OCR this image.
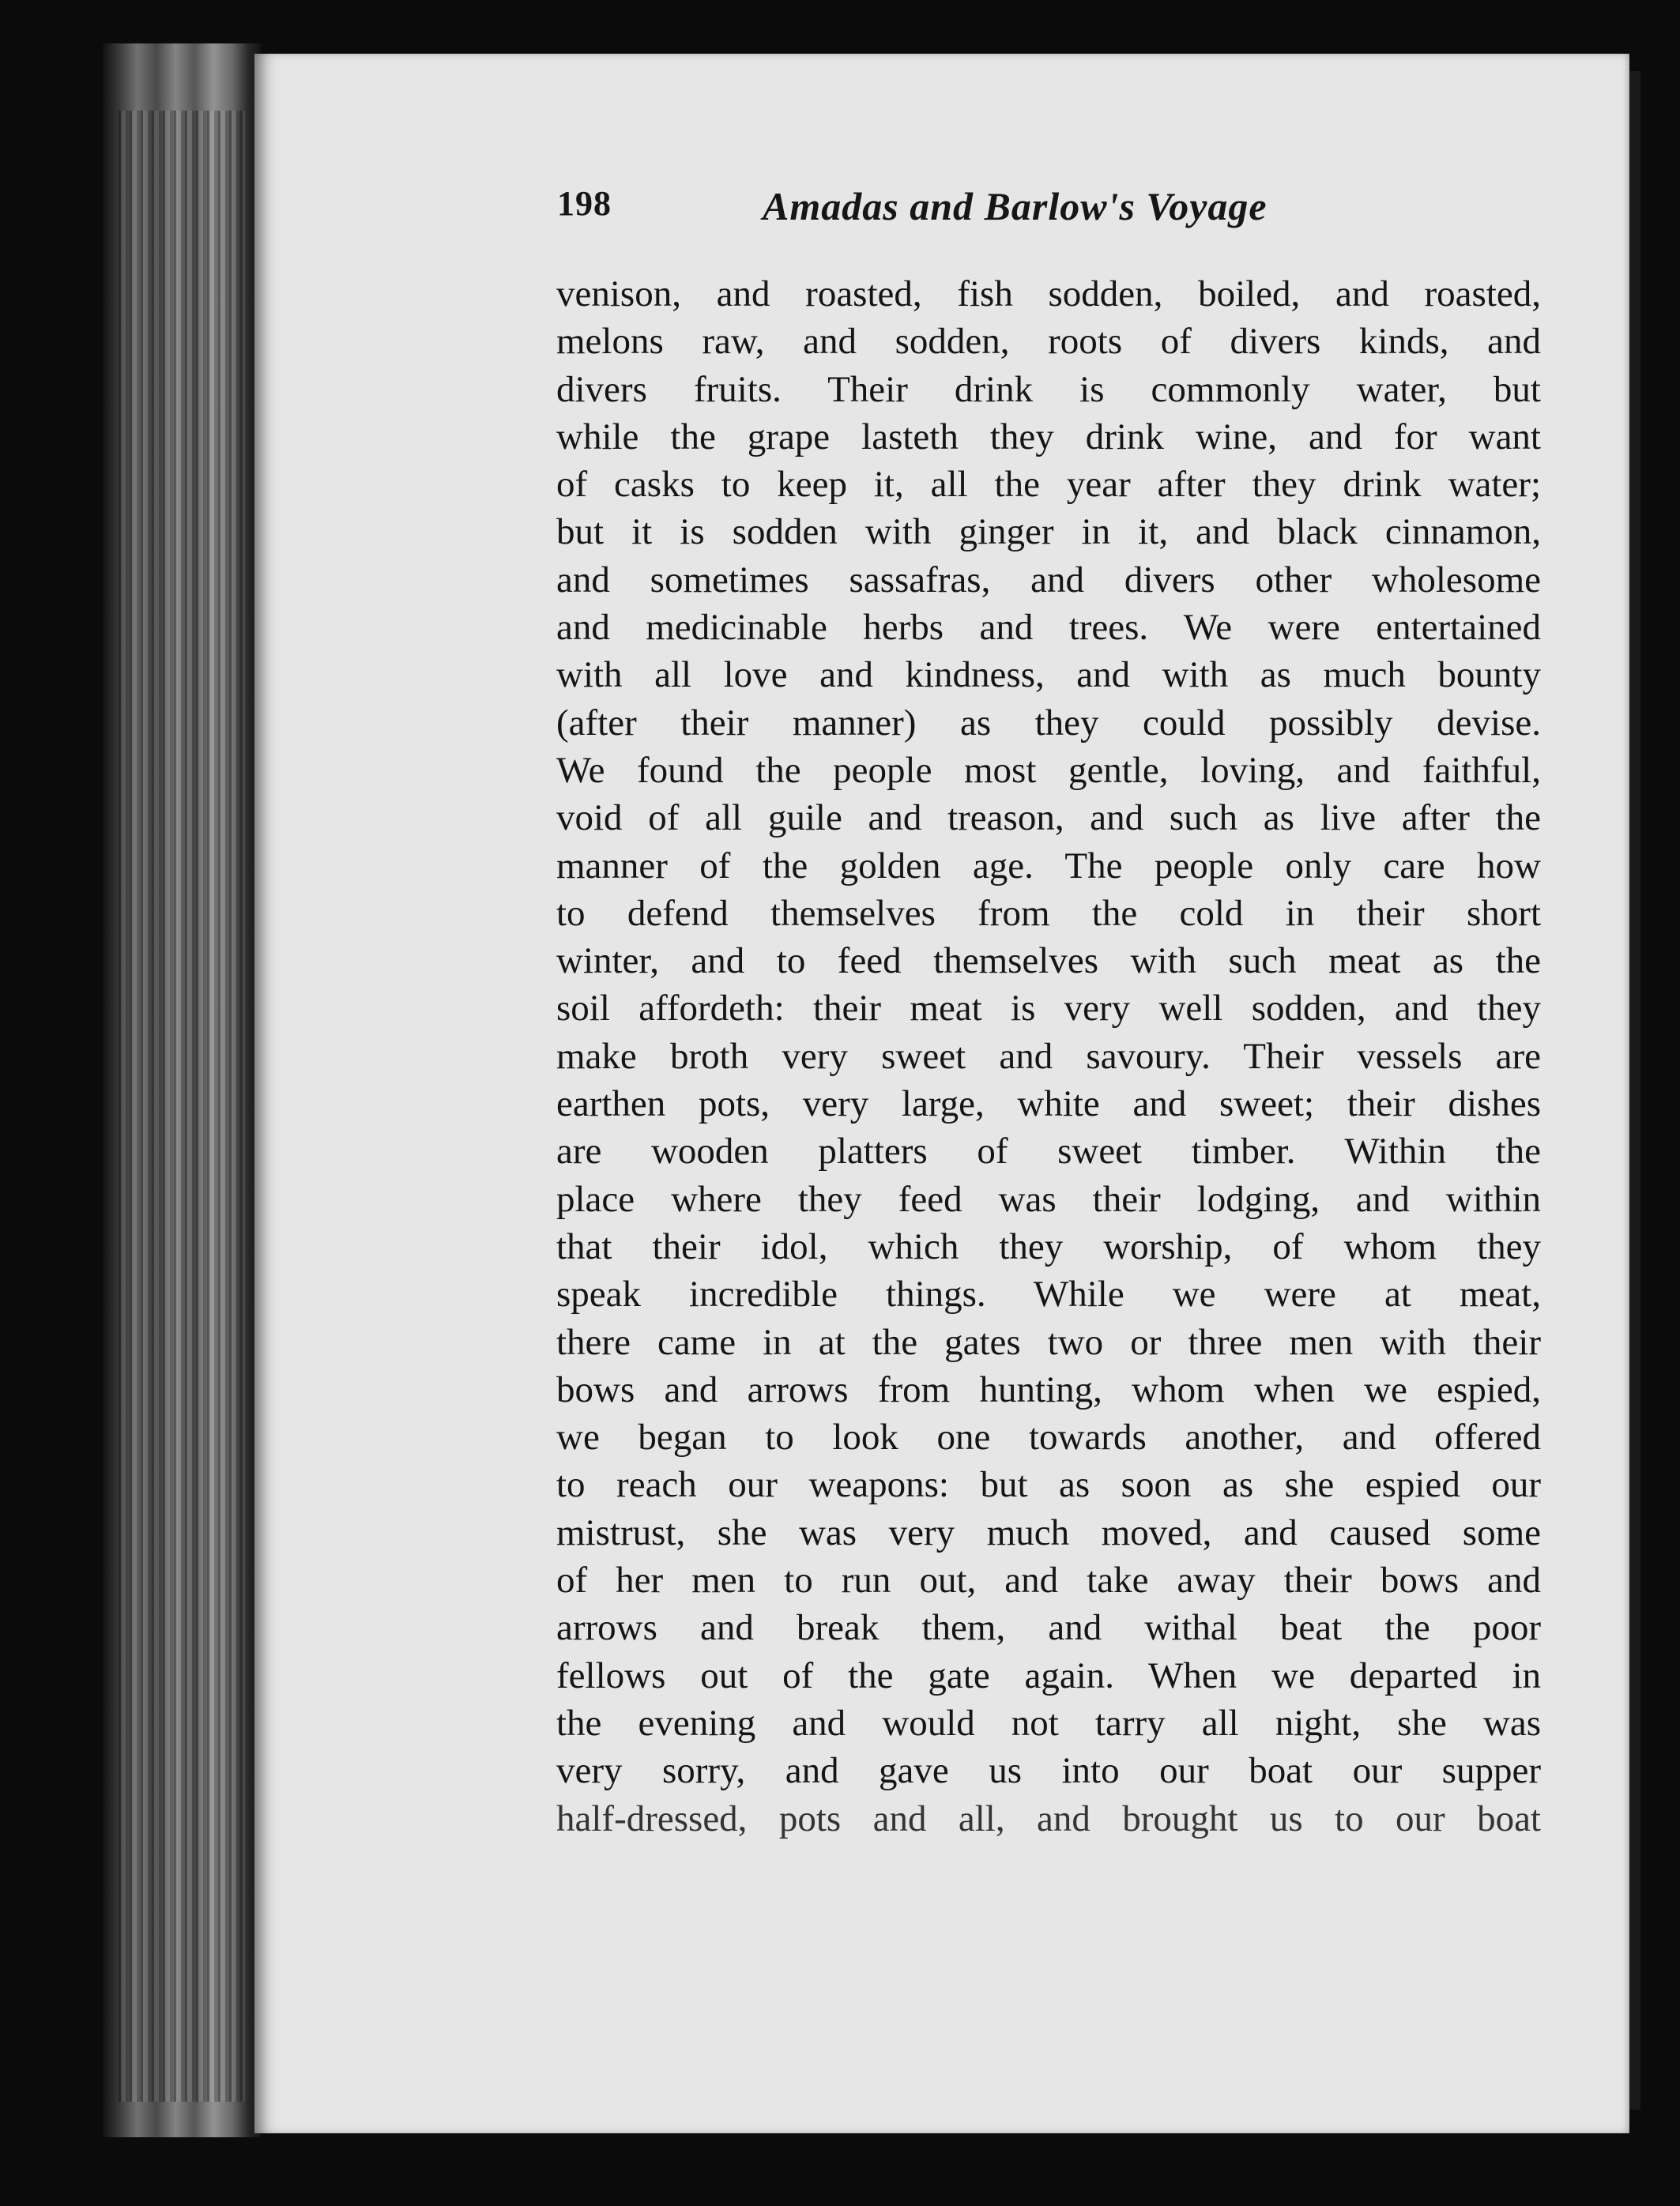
198	Amadas and Barlow's Voyage
venison, and roasted, fish sodden, boiled, and roasted,
melons raw, and sodden, roots of divers kinds, and
divers fruits. Their drink is commonly water, but
while the grape lasteth they drink wine, and for want
of casks to keep it, all the year after they drink water;
but it is sodden with ginger in it, and black cinnamon,
and sometimes sassafras, and divers other wholesome
and medicinable herbs and trees. We were entertained
with all love and kindness, and with as much bounty
(after their manner) as they could possibly devise.
We found the people most gentle, loving, and faithful,
void of all guile and treason, and such as live after the
manner of the golden age. The people only care how
to defend themselves from the cold in their short
winter, and to feed themselves with such meat as the
soil affordeth: their meat is very well sodden, and they
make broth very sweet and savoury. Their vessels are
earthen pots, very large, white and sweet; their dishes
are wooden platters of sweet timber. Within the
place where they feed was their lodging, and within
that their idol, which they worship, of whom they
speak incredible things. While we were at meat,
there came in at the gates two or three men with their
bows and arrows from hunting, whom when we espied,
we began to look one towards another, and offered
to reach our weapons: but as soon as she espied our
mistrust, she was very much moved, and caused some
of her men to run out, and take away their bows and
arrows and break them, and withal beat the poor
fellows out of the gate again. When we departed in
the evening and would not tarry all night, she was
very sorry, and gave us into our boat our supper
half-dressed, pots and all, and brought us to our boat
